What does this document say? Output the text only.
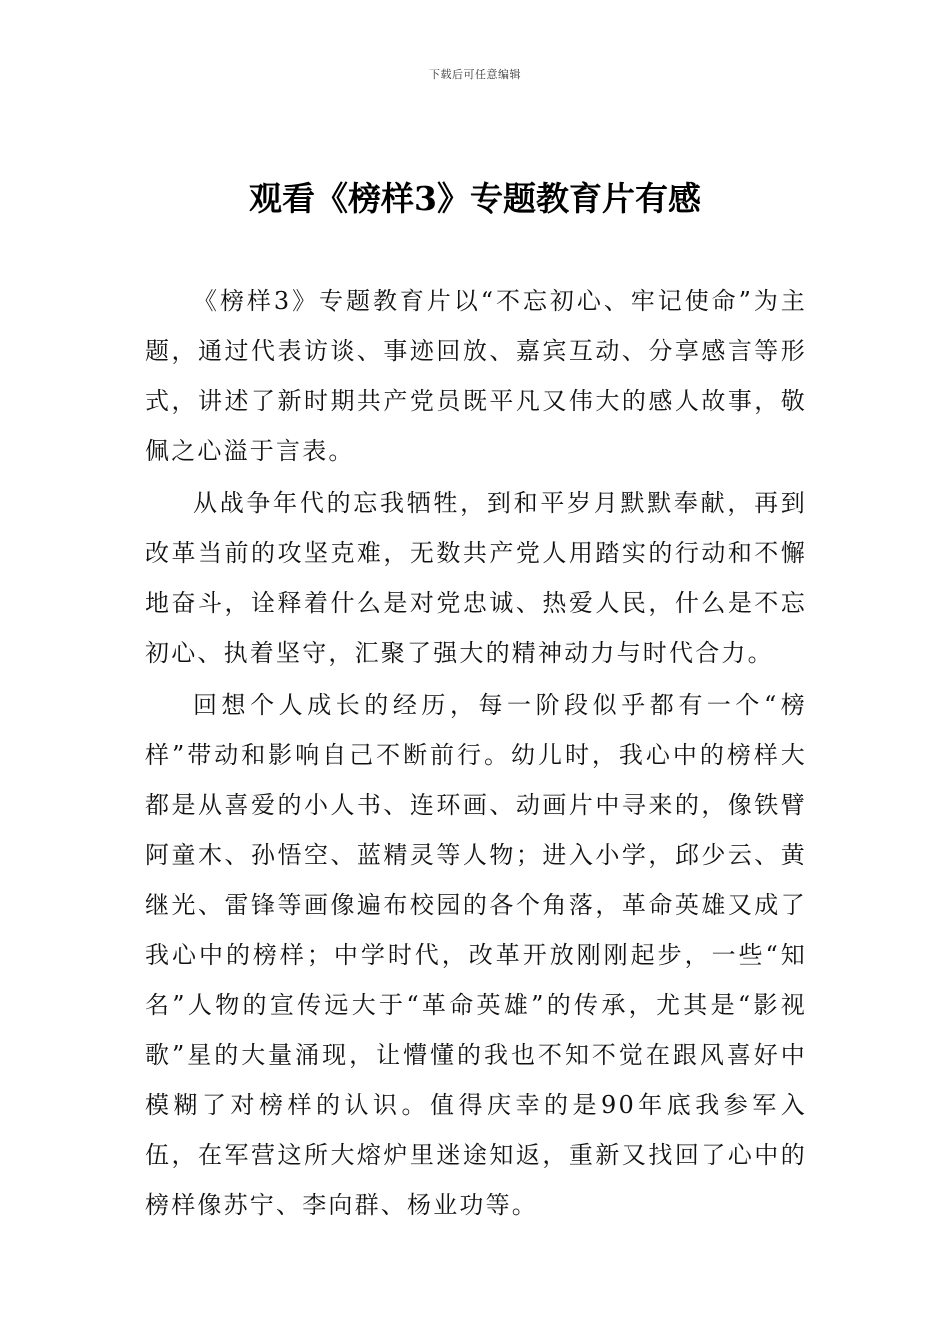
下载后可任意编辑
观看《榜样3》专题教育片有感

《榜样3》专题教育片以“不忘初心、牢记使命”为主题，通过代表访谈、事迹回放、嘉宾互动、分享感言等形式，讲述了新时期共产党员既平凡又伟大的感人故事，敬佩之心溢于言表。

从战争年代的忘我牺牲，到和平岁月默默奉献，再到改革当前的攻坚克难，无数共产党人用踏实的行动和不懈地奋斗，诠释着什么是对党忠诚、热爱人民，什么是不忘初心、执着坚守，汇聚了强大的精神动力与时代合力。

回想个人成长的经历，每一阶段似乎都有一个“榜样”带动和影响自己不断前行。幼儿时，我心中的榜样大都是从喜爱的小人书、连环画、动画片中寻来的，像铁臂阿童木、孙悟空、蓝精灵等人物；进入小学，邱少云、黄继光、雷锋等画像遍布校园的各个角落，革命英雄又成了我心中的榜样；中学时代，改革开放刚刚起步，一些“知名”人物的宣传远大于“革命英雄”的传承，尤其是“影视歌”星的大量涌现，让懵懂的我也不知不觉在跟风喜好中模糊了对榜样的认识。值得庆幸的是90年底我参军入伍，在军营这所大熔炉里迷途知返，重新又找回了心中的榜样像苏宁、李向群、杨业功等。
